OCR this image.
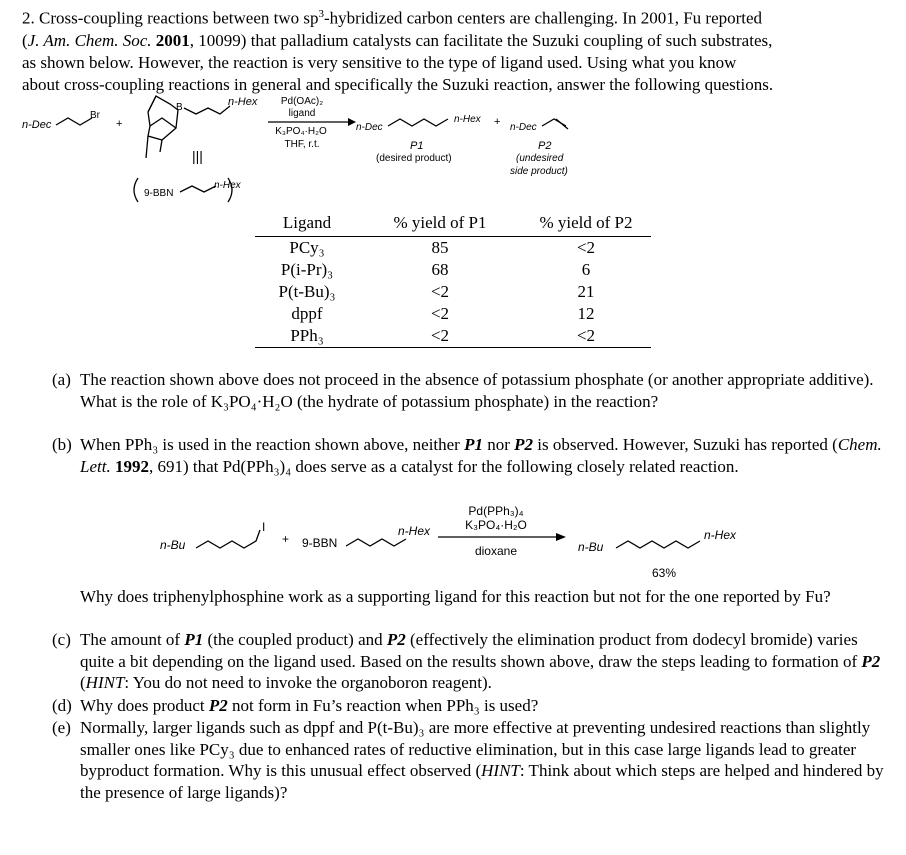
2. Cross-coupling reactions between two $sp^3$-hybridized carbon centers are challenging. In 2001, Fu reported

(J. Am. Chem. Soc. 2001, 10099) that palladium catalysts can facilitate the Suzuki coupling of such substrates,

as shown below. However, the reaction is very sensitive to the type of ligand used. Using what you know

about cross-coupling reactions in general and specifically the Suzuki reaction, answer the following questions.

n-Dec
Br
+
B	n-Hex
|||
9-BBN
n-Hex
Pd(OAc)₂
ligand
K₃PO₄·H₂O
THF, r.t.
n-Dec
n-Hex
P1
(desired product)
+ n-Dec
P2
(undesired
side product)
Ligand	% yield of P1	% yield of P2
PCy₃	85	<2
P(i-Pr)₃	68	6
P(t-Bu)₃	<2	21
dppf	<2	12
PPh₃	<2	<2
(a) The reaction shown above does not proceed in the absence of potassium phosphate (or another appropriate additive). What is the role of K₃PO₄·H₂O (the hydrate of potassium phosphate) in the reaction?
(b) When PPh₃ is used in the reaction shown above, neither P1 nor P2 is observed. However, Suzuki has reported (Chem. Lett. 1992, 691) that Pd(PPh₃)₄ does serve as a catalyst for the following closely related reaction.
n-Bu
I
+ 9-BBN
n-Hex
Pd(PPh₃)₄
K₃PO₄·H₂O
dioxane	n-Bu
n-Hex
63%
Why does triphenylphosphine work as a supporting ligand for this reaction but not for the one reported by Fu?
(c) The amount of P1 (the coupled product) and P2 (effectively the elimination product from dodecyl bromide) varies quite a bit depending on the ligand used. Based on the results shown above, draw the steps leading to formation of P2 (HINT: You do not need to invoke the organoboron reagent).
(d) Why does product P2 not form in Fu’s reaction when PPh₃ is used?
(e) Normally, larger ligands such as dppf and P(t-Bu)₃ are more effective at preventing undesired reactions than slightly smaller ones like PCy₃ due to enhanced rates of reductive elimination, but in this case large ligands lead to greater byproduct formation. Why is this unusual effect observed (HINT: Think about which steps are helped and hindered by the presence of large ligands)?
